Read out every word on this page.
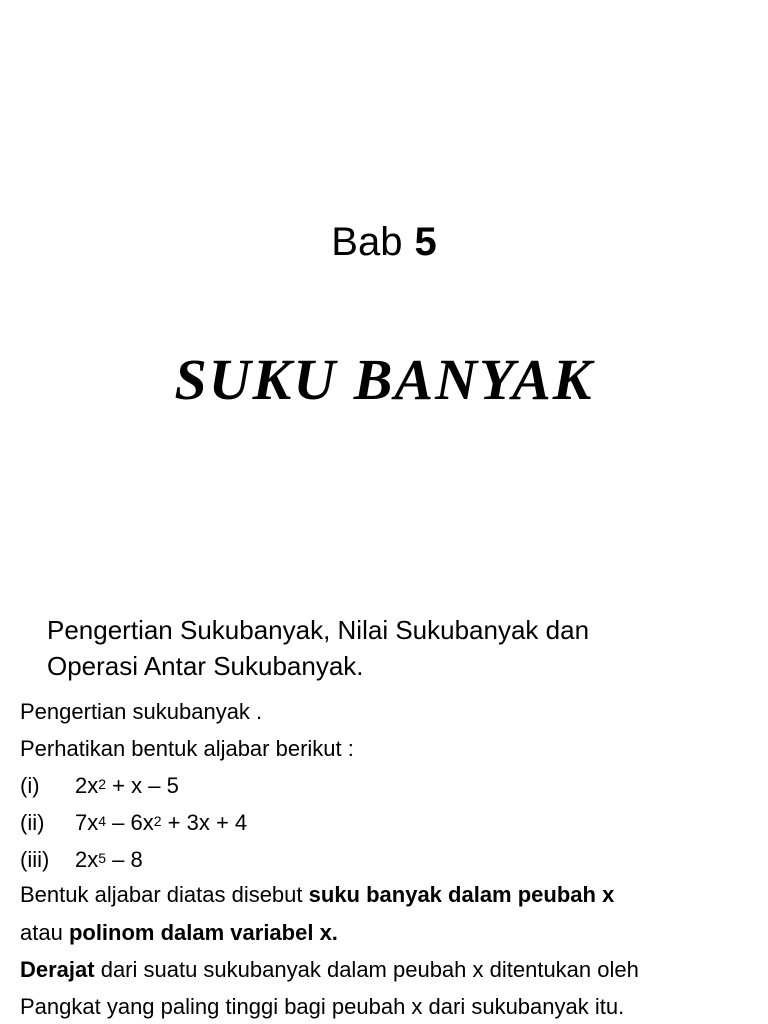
Bab 5
SUKU BANYAK
Pengertian Sukubanyak, Nilai Sukubanyak dan
Operasi Antar Sukubanyak.
Pengertian sukubanyak .
Perhatikan bentuk aljabar berikut :
(i) $2x^2 + x - 5$
(ii) $7x^4 - 6x^2 + 3x + 4$
(iii) $2x^5 - 8$
Bentuk aljabar diatas disebut suku banyak dalam peubah x
atau polinom dalam variabel x.
Derajat dari suatu sukubanyak dalam peubah x ditentukan oleh
Pangkat yang paling tinggi bagi peubah x dari sukubanyak itu.
